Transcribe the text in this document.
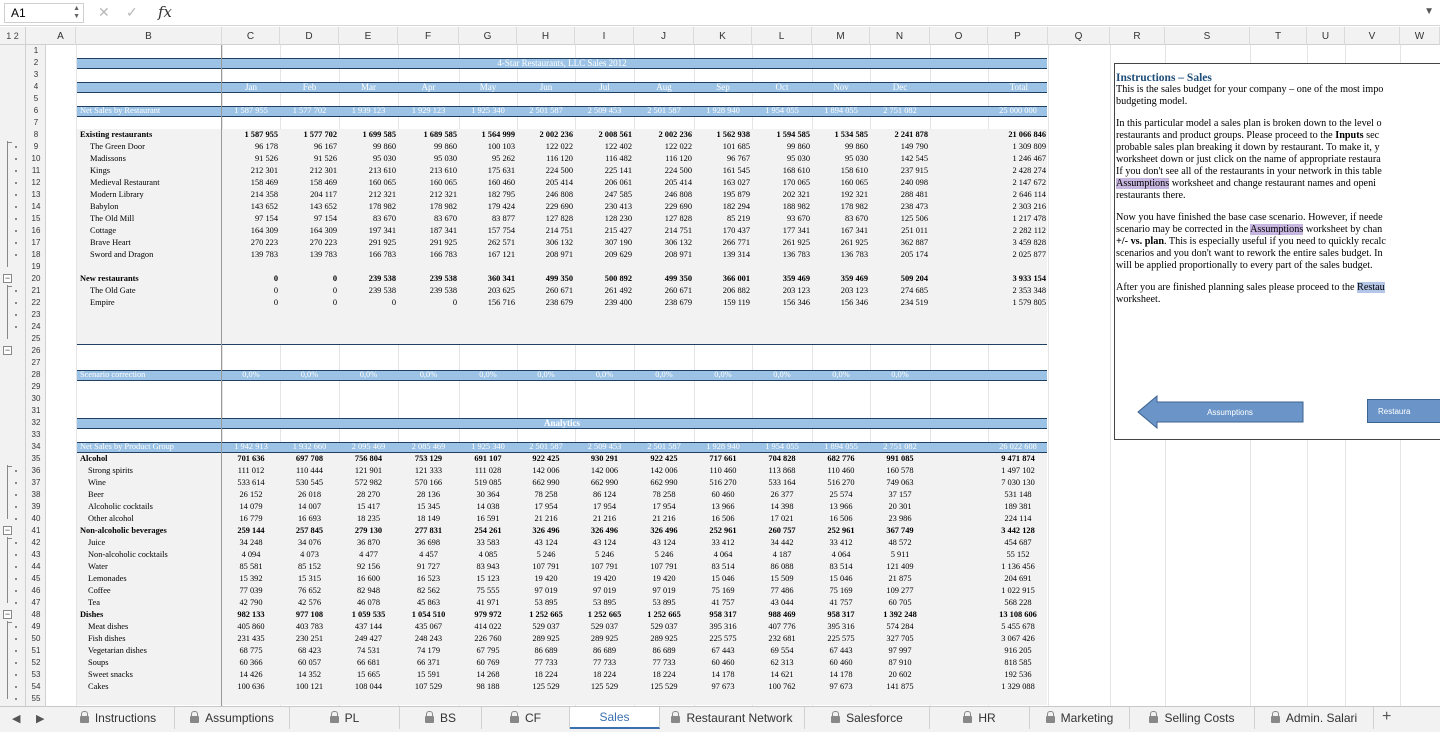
A1	▲
▼ ✕ ✓ fx	▼
1 2	A	B	C	D	E	F	G	H	I	J	K	L	M	N	O	P	Q	R	S	T	U	V	W
−
−
−
−
1
2
3
4
5
6
7
8
9
10
11
12
13
14
15
16
17
18
19
20
21
22
23
24
25
26
27
28
29
30
31
32
33
34
35
36
37
38
39
40
41
42
43
44
45
46
47
48
49
50
51
52
53
54
55
4-Star Restaurants, LLC Sales 2012
Jan	Feb	Mar	Apr	May	Jun	Jul	Aug	Sep	Oct	Nov	Dec	Total
Net Sales by Restaurant	1 587 955	1 577 702	1 939 123	1 929 123	1 925 340	2 501 587	2 509 453	2 501 587	1 928 940	1 954 055	1 894 055	2 751 082	25 000 000
Existing restaurants	1 587 955	1 577 702	1 699 585	1 689 585	1 564 999	2 002 236	2 008 561	2 002 236	1 562 938	1 594 585	1 534 585	2 241 878	21 066 846
The Green Door	96 178	96 167	99 860	99 860	100 103	122 022	122 402	122 022	101 685	99 860	99 860	149 790	1 309 809
Madissons	91 526	91 526	95 030	95 030	95 262	116 120	116 482	116 120	96 767	95 030	95 030	142 545	1 246 467
Kings	212 301	212 301	213 610	213 610	175 631	224 500	225 141	224 500	161 545	168 610	158 610	237 915	2 428 274
Medieval Restaurant	158 469	158 469	160 065	160 065	160 460	205 414	206 061	205 414	163 027	170 065	160 065	240 098	2 147 672
Modern Library	214 358	204 117	212 321	212 321	182 795	246 808	247 585	246 808	195 879	202 321	192 321	288 481	2 646 114
Babylon	143 652	143 652	178 982	178 982	179 424	229 690	230 413	229 690	182 294	188 982	178 982	238 473	2 303 216
The Old Mill	97 154	97 154	83 670	83 670	83 877	127 828	128 230	127 828	85 219	93 670	83 670	125 506	1 217 478
Cottage	164 309	164 309	197 341	187 341	157 754	214 751	215 427	214 751	170 437	177 341	167 341	251 011	2 282 112
Brave Heart	270 223	270 223	291 925	291 925	262 571	306 132	307 190	306 132	266 771	261 925	261 925	362 887	3 459 828
Sword and Dragon	139 783	139 783	166 783	166 783	167 121	208 971	209 629	208 971	139 314	136 783	136 783	205 174	2 025 877
New restaurants	0	0	239 538	239 538	360 341	499 350	500 892	499 350	366 001	359 469	359 469	509 204	3 933 154
The Old Gate	0	0	239 538	239 538	203 625	260 671	261 492	260 671	206 882	203 123	203 123	274 685	2 353 348
Empire	0	0	0	0	156 716	238 679	239 400	238 679	159 119	156 346	156 346	234 519	1 579 805
Scenario correction	0,0%	0,0%	0,0%	0,0%	0,0%	0,0%	0,0%	0,0%	0,0%	0,0%	0,0%	0,0%
Analytics
Net Sales by Product Group	1 942 913	1 932 660	2 095 469	2 085 469	1 925 340	2 501 587	2 509 453	2 501 587	1 928 940	1 954 055	1 894 055	2 751 082	26 022 608
Alcohol	701 636	697 708	756 804	753 129	691 107	922 425	930 291	922 425	717 661	704 828	682 776	991 085	9 471 874
Strong spirits	111 012	110 444	121 901	121 333	111 028	142 006	142 006	142 006	110 460	113 868	110 460	160 578	1 497 102
Wine	533 614	530 545	572 982	570 166	519 085	662 990	662 990	662 990	516 270	533 164	516 270	749 063	7 030 130
Beer	26 152	26 018	28 270	28 136	30 364	78 258	86 124	78 258	60 460	26 377	25 574	37 157	531 148
Alcoholic cocktails	14 079	14 007	15 417	15 345	14 038	17 954	17 954	17 954	13 966	14 398	13 966	20 301	189 381
Other alcohol	16 779	16 693	18 235	18 149	16 591	21 216	21 216	21 216	16 506	17 021	16 506	23 986	224 114
Non-alcoholic beverages	259 144	257 845	279 130	277 831	254 261	326 496	326 496	326 496	252 961	260 757	252 961	367 749	3 442 128
Juice	34 248	34 076	36 870	36 698	33 583	43 124	43 124	43 124	33 412	34 442	33 412	48 572	454 687
Non-alcoholic cocktails	4 094	4 073	4 477	4 457	4 085	5 246	5 246	5 246	4 064	4 187	4 064	5 911	55 152
Water	85 581	85 152	92 156	91 727	83 943	107 791	107 791	107 791	83 514	86 088	83 514	121 409	1 136 456
Lemonades	15 392	15 315	16 600	16 523	15 123	19 420	19 420	19 420	15 046	15 509	15 046	21 875	204 691
Coffee	77 039	76 652	82 948	82 562	75 555	97 019	97 019	97 019	75 169	77 486	75 169	109 277	1 022 915
Tea	42 790	42 576	46 078	45 863	41 971	53 895	53 895	53 895	41 757	43 044	41 757	60 705	568 228
Dishes	982 133	977 108	1 059 535	1 054 510	979 972	1 252 665	1 252 665	1 252 665	958 317	988 469	958 317	1 392 248	13 108 606
Meat dishes	405 860	403 783	437 144	435 067	414 022	529 037	529 037	529 037	395 316	407 776	395 316	574 284	5 455 678
Fish dishes	231 435	230 251	249 427	248 243	226 760	289 925	289 925	289 925	225 575	232 681	225 575	327 705	3 067 426
Vegetarian dishes	68 775	68 423	74 531	74 179	67 795	86 689	86 689	86 689	67 443	69 554	67 443	97 997	916 205
Soups	60 366	60 057	66 681	66 371	60 769	77 733	77 733	77 733	60 460	62 313	60 460	87 910	818 585
Sweet snacks	14 426	14 352	15 665	15 591	14 268	18 224	18 224	18 224	14 178	14 621	14 178	20 602	192 536
Cakes	100 636	100 121	108 044	107 529	98 188	125 529	125 529	125 529	97 673	100 762	97 673	141 875	1 329 088
Instructions – Sales

This is the sales budget for your company – one of the most impo

budgeting model.

In this particular model a sales plan is broken down to the level o

restaurants and product groups. Please proceed to the Inputs sec

probable sales plan breaking it down by restaurant. To make it, y

worksheet down or just click on the name of appropriate restaura

If you don't see all of the restaurants in your network in this table

Assumptions worksheet and change restaurant names and openi

restaurants there.

Now you have finished the base case scenario. However, if neede

scenario may be corrected in the Assumptions worksheet by chan

+/- vs. plan. This is especially useful if you need to quickly recalc

scenarios and you don't want to rework the entire sales budget. In

will be applied proportionally to every part of the sales budget.

After you are finished planning sales please proceed to the Restau

worksheet.

Assumptions	Restaura
◀ ▶	+
Instructions	Assumptions	PL	BS	CF	Sales	Restaurant Network	Salesforce	HR	Marketing	Selling Costs	Admin. Salari
